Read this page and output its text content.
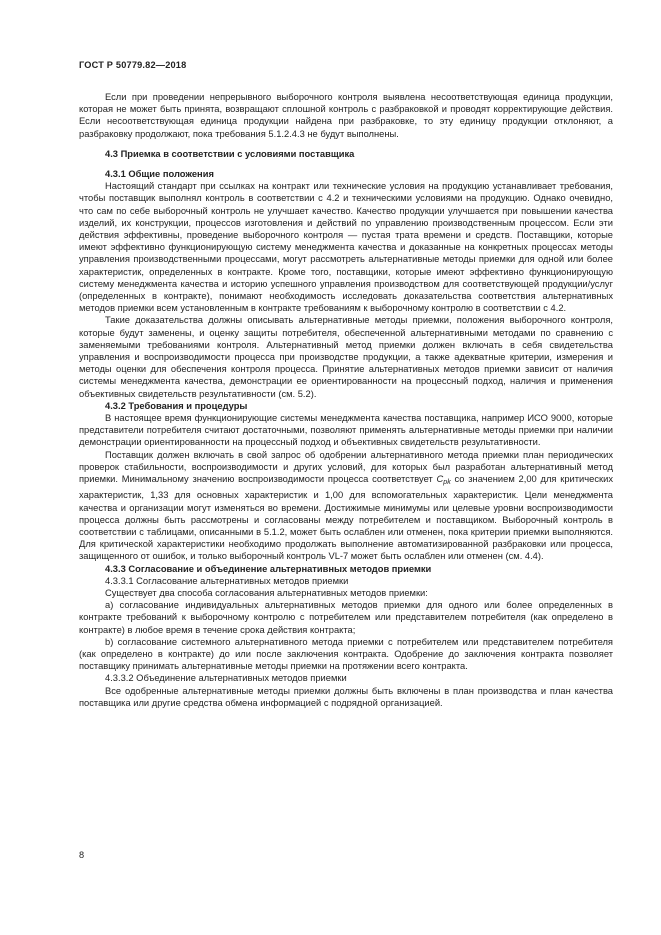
ГОСТ Р 50779.82—2018

Если при проведении непрерывного выборочного контроля выявлена несоответствующая единица продукции, которая не может быть принята, возвращают сплошной контроль с разбраковкой и проводят корректирующие действия. Если несоответствующая единица продукции найдена при разбраковке, то эту единицу продукции отклоняют, а разбраковку продолжают, пока требования 5.1.2.4.3 не будут выполнены.

4.3 Приемка в соответствии с условиями поставщика

4.3.1 Общие положения

Настоящий стандарт при ссылках на контракт или технические условия на продукцию устанавливает требования, чтобы поставщик выполнял контроль в соответствии с 4.2 и техническими условиями на продукцию. Однако очевидно, что сам по себе выборочный контроль не улучшает качество. Качество продукции улучшается при повышении качества изделий, их конструкции, процессов изготовления и действий по управлению производственным процессом. Если эти действия эффективны, проведение выборочного контроля — пустая трата времени и средств. Поставщики, которые имеют эффективно функционирующую систему менеджмента качества и доказанные на конкретных процессах методы управления производственными процессами, могут рассмотреть альтернативные методы приемки для одной или более характеристик, определенных в контракте. Кроме того, поставщики, которые имеют эффективно функционирующую систему менеджмента качества и историю успешного управления производством для соответствующей продукции/услуг (определенных в контракте), понимают необходимость исследовать доказательства соответствия альтернативных методов приемки всем установленным в контракте требованиям к выборочному контролю в соответствии с 4.2.

Такие доказательства должны описывать альтернативные методы приемки, положения выборочного контроля, которые будут заменены, и оценку защиты потребителя, обеспеченной альтернативными методами по сравнению с заменяемыми требованиями контроля. Альтернативный метод приемки должен включать в себя свидетельства управления и воспроизводимости процесса при производстве продукции, а также адекватные критерии, измерения и методы оценки для обеспечения контроля процесса. Принятие альтернативных методов приемки зависит от наличия системы менеджмента качества, демонстрации ее ориентированности на процессный подход, наличия и применения объективных свидетельств результативности (см. 5.2).

4.3.2 Требования и процедуры

В настоящее время функционирующие системы менеджмента качества поставщика, например ИСО 9000, которые представители потребителя считают достаточными, позволяют применять альтернативные методы приемки при наличии демонстрации ориентированности на процессный подход и объективных свидетельств результативности.

Поставщик должен включать в свой запрос об одобрении альтернативного метода приемки план периодических проверок стабильности, воспроизводимости и других условий, для которых был разработан альтернативный метод приемки. Минимальному значению воспроизводимости процесса соответствует $C_{pk}$ со значением 2,00 для критических характеристик, 1,33 для основных характеристик и 1,00 для вспомогательных характеристик. Цели менеджмента качества и организации могут изменяться во времени. Достижимые минимумы или целевые уровни воспроизводимости процесса должны быть рассмотрены и согласованы между потребителем и поставщиком. Выборочный контроль в соответствии с таблицами, описанными в 5.1.2, может быть ослаблен или отменен, пока критерии приемки выполняются. Для критической характеристики необходимо продолжать выполнение автоматизированной разбраковки или процесса, защищенного от ошибок, и только выборочный контроль VL-7 может быть ослаблен или отменен (см. 4.4).

4.3.3 Согласование и объединение альтернативных методов приемки

4.3.3.1 Согласование альтернативных методов приемки

Существует два способа согласования альтернативных методов приемки:

a) согласование индивидуальных альтернативных методов приемки для одного или более определенных в контракте требований к выборочному контролю с потребителем или представителем потребителя (как определено в контракте) в любое время в течение срока действия контракта;

b) согласование системного альтернативного метода приемки с потребителем или представителем потребителя (как определено в контракте) до или после заключения контракта. Одобрение до заключения контракта позволяет поставщику принимать альтернативные методы приемки на протяжении всего контракта.

4.3.3.2 Объединение альтернативных методов приемки

Все одобренные альтернативные методы приемки должны быть включены в план производства и план качества поставщика или другие средства обмена информацией с подрядной организацией.

8
